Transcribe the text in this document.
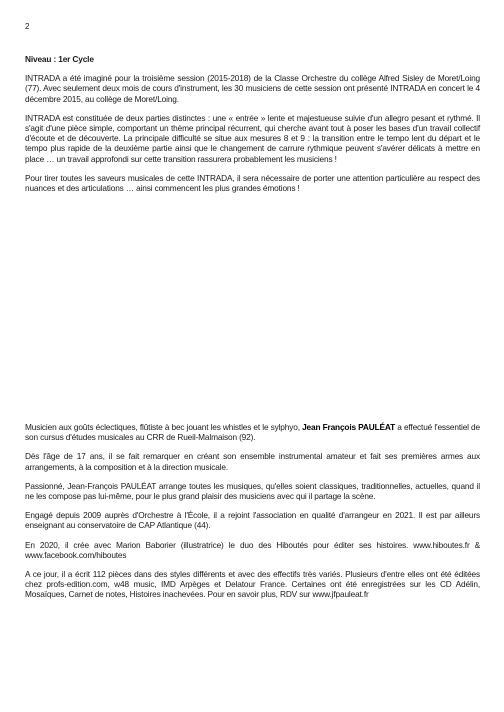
2

Niveau : 1er Cycle

INTRADA a été imaginé pour la troisième session (2015-2018) de la Classe Orchestre du collège Alfred Sisley de Moret/Loing (77). Avec seulement deux mois de cours d'instrument, les 30 musiciens de cette session ont présenté INTRADA en concert le 4 décembre 2015, au collège de Moret/Loing.

INTRADA est constituée de deux parties distinctes : une « entrée » lente et majestueuse suivie d'un allegro pesant et rythmé. Il s'agit d'une pièce simple, comportant un thème principal récurrent, qui cherche avant tout à poser les bases d'un travail collectif d'écoute et de découverte. La principale difficulté se situe aux mesures 8 et 9 : la transition entre le tempo lent du départ et le tempo plus rapide de la deuxième partie ainsi que le changement de carrure rythmique peuvent s'avérer délicats à mettre en place … un travail approfondi sur cette transition rassurera probablement les musiciens !

Pour tirer toutes les saveurs musicales de cette INTRADA, il sera nécessaire de porter une attention particulière au respect des nuances et des articulations … ainsi commencent les plus grandes émotions !

Musicien aux goûts éclectiques, flûtiste à bec jouant les whistles et le sylphyo, Jean François PAULÉAT a effectué l'essentiel de son cursus d'études musicales au CRR de Rueil-Malmaison (92).

Dès l'âge de 17 ans, il se fait remarquer en créant son ensemble instrumental amateur et fait ses premières armes aux arrangements, à la composition et à la direction musicale.

Passionné, Jean-François PAULÉAT arrange toutes les musiques, qu'elles soient classiques, traditionnelles, actuelles, quand il ne les compose pas lui-même, pour le plus grand plaisir des musiciens avec qui il partage la scène.

Engagé depuis 2009 auprès d'Orchestre à l'École, il a rejoint l'association en qualité d'arrangeur en 2021. Il est par ailleurs enseignant au conservatoire de CAP Atlantique (44).

En 2020, il crée avec Marion Baborier (illustratrice) le duo des Hiboutés pour éditer ses histoires. www.hiboutes.fr & www.facebook.com/hiboutes

A ce jour, il a écrit 112 pièces dans des styles différents et avec des effectifs très variés. Plusieurs d'entre elles ont été éditées chez profs-edition.com, w48 music, IMD Arpèges et Delatour France. Certaines ont été enregistrées sur les CD Adélin, Mosaïques, Carnet de notes, Histoires inachevées. Pour en savoir plus, RDV sur www.jfpauleat.fr
